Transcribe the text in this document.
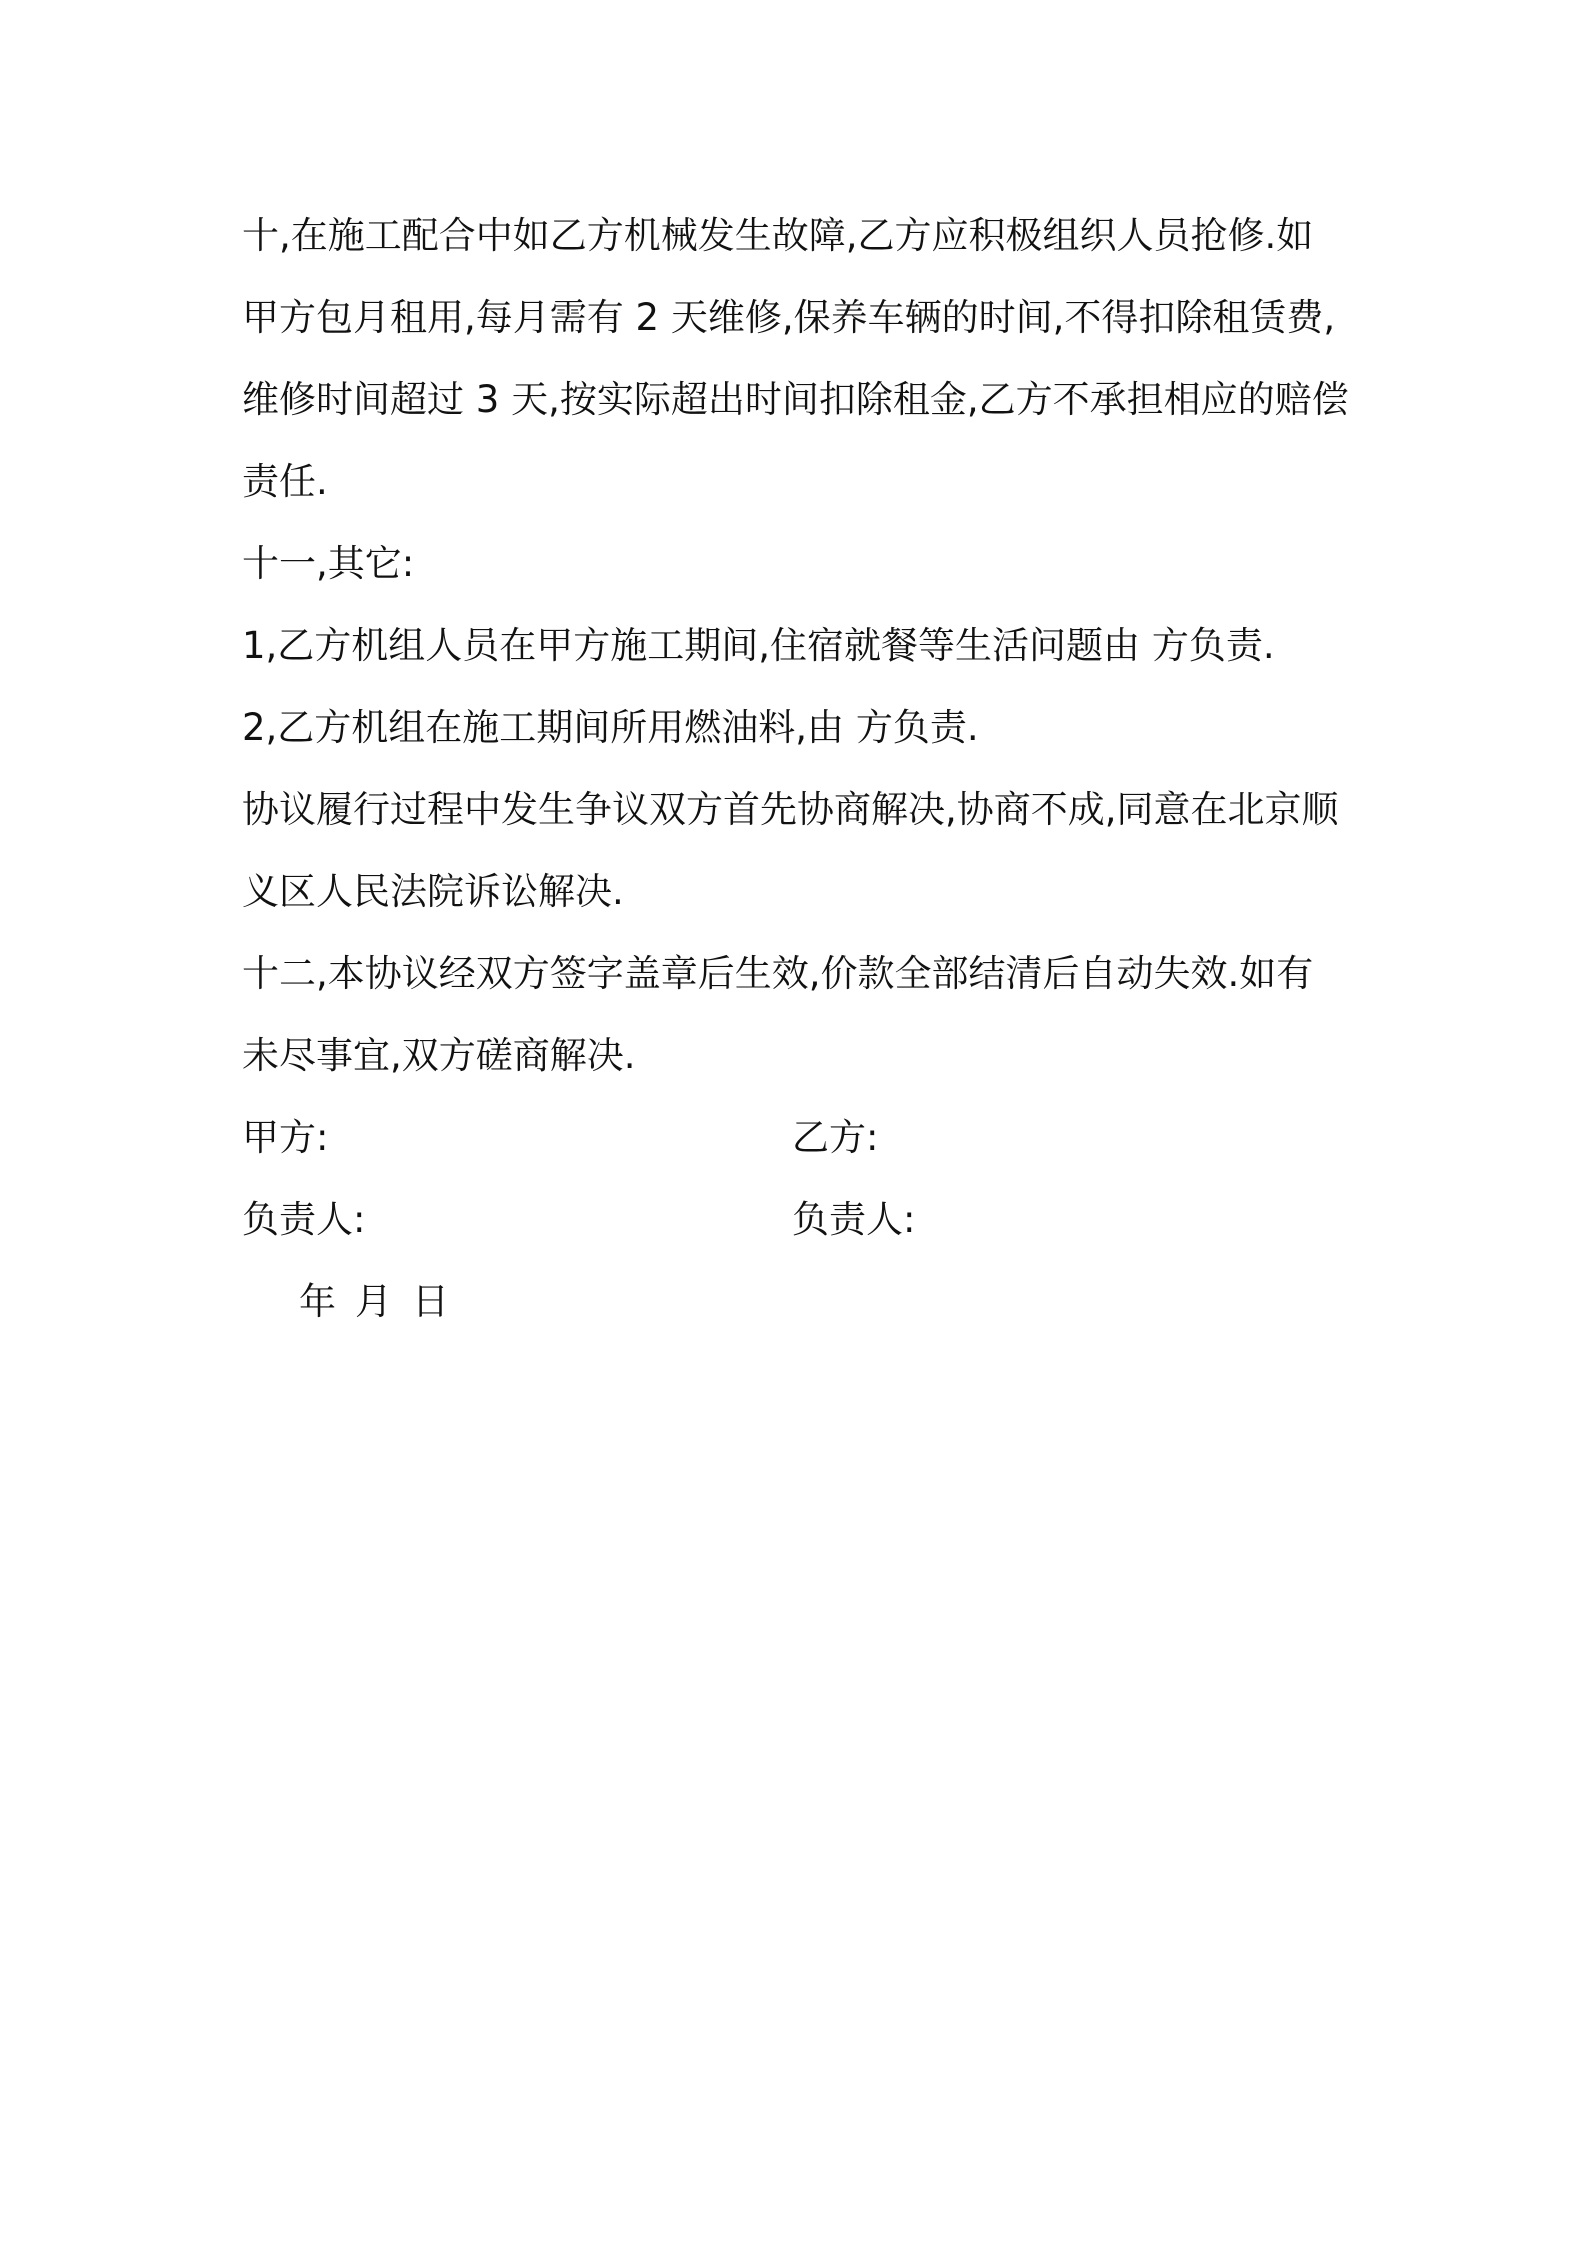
十,在施工配合中如乙方机械发生故障,乙方应积极组织人员抢修.如
甲方包月租用,每月需有 2 天维修,保养车辆的时间,不得扣除租赁费,
维修时间超过 3 天,按实际超出时间扣除租金,乙方不承担相应的赔偿
责任.
十一,其它:
1,乙方机组人员在甲方施工期间,住宿就餐等生活问题由 方负责.
2,乙方机组在施工期间所用燃油料,由 方负责.
协议履行过程中发生争议双方首先协商解决,协商不成,同意在北京顺
义区人民法院诉讼解决.
十二,本协议经双方签字盖章后生效,价款全部结清后自动失效.如有
未尽事宜,双方磋商解决.
甲方:	乙方:
负责人:	负责人:
年 月 日
